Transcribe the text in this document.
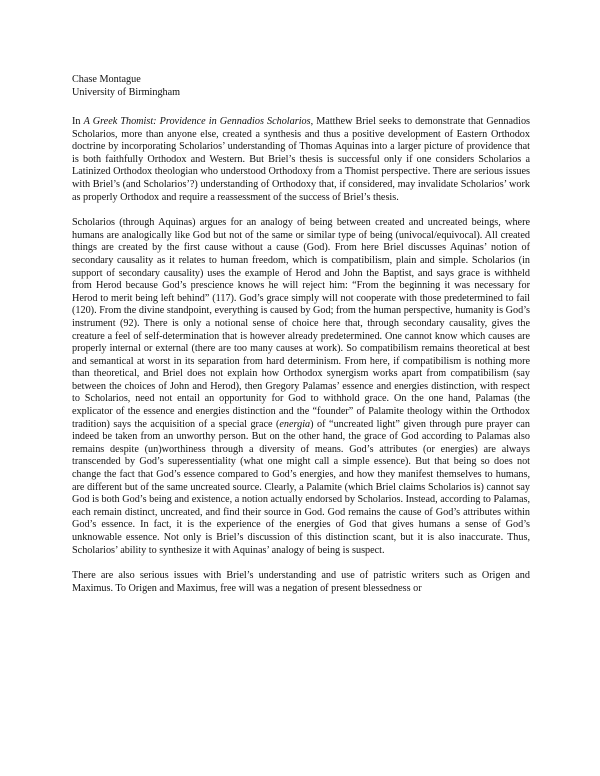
Chase Montague
University of Birmingham

In A Greek Thomist: Providence in Gennadios Scholarios, Matthew Briel seeks to demonstrate that Gennadios Scholarios, more than anyone else, created a synthesis and thus a positive development of Eastern Orthodox doctrine by incorporating Scholarios’ understanding of Thomas Aquinas into a larger picture of providence that is both faithfully Orthodox and Western. But Briel’s thesis is successful only if one considers Scholarios a Latinized Orthodox theologian who understood Orthodoxy from a Thomist perspective. There are serious issues with Briel’s (and Scholarios’?) understanding of Orthodoxy that, if considered, may invalidate Scholarios’ work as properly Orthodox and require a reassessment of the success of Briel’s thesis.

Scholarios (through Aquinas) argues for an analogy of being between created and uncreated beings, where humans are analogically like God but not of the same or similar type of being (univocal/equivocal). All created things are created by the first cause without a cause (God). From here Briel discusses Aquinas’ notion of secondary causality as it relates to human freedom, which is compatibilism, plain and simple. Scholarios (in support of secondary causality) uses the example of Herod and John the Baptist, and says grace is withheld from Herod because God’s prescience knows he will reject him: “From the beginning it was necessary for Herod to merit being left behind” (117). God’s grace simply will not cooperate with those predetermined to fail (120). From the divine standpoint, everything is caused by God; from the human perspective, humanity is God’s instrument (92). There is only a notional sense of choice here that, through secondary causality, gives the creature a feel of self-determination that is however already predetermined. One cannot know which causes are properly internal or external (there are too many causes at work). So compatibilism remains theoretical at best and semantical at worst in its separation from hard determinism. From here, if compatibilism is nothing more than theoretical, and Briel does not explain how Orthodox synergism works apart from compatibilism (say between the choices of John and Herod), then Gregory Palamas’ essence and energies distinction, with respect to Scholarios, need not entail an opportunity for God to withhold grace. On the one hand, Palamas (the explicator of the essence and energies distinction and the “founder” of Palamite theology within the Orthodox tradition) says the acquisition of a special grace (energia) of “uncreated light” given through pure prayer can indeed be taken from an unworthy person. But on the other hand, the grace of God according to Palamas also remains despite (un)worthiness through a diversity of means. God’s attributes (or energies) are always transcended by God’s superessentiality (what one might call a simple essence). But that being so does not change the fact that God’s essence compared to God’s energies, and how they manifest themselves to humans, are different but of the same uncreated source. Clearly, a Palamite (which Briel claims Scholarios is) cannot say God is both God’s being and existence, a notion actually endorsed by Scholarios. Instead, according to Palamas, each remain distinct, uncreated, and find their source in God. God remains the cause of God’s attributes within God’s essence. In fact, it is the experience of the energies of God that gives humans a sense of God’s unknowable essence. Not only is Briel’s discussion of this distinction scant, but it is also inaccurate. Thus, Scholarios’ ability to synthesize it with Aquinas’ analogy of being is suspect.

There are also serious issues with Briel’s understanding and use of patristic writers such as Origen and Maximus. To Origen and Maximus, free will was a negation of present blessedness or
